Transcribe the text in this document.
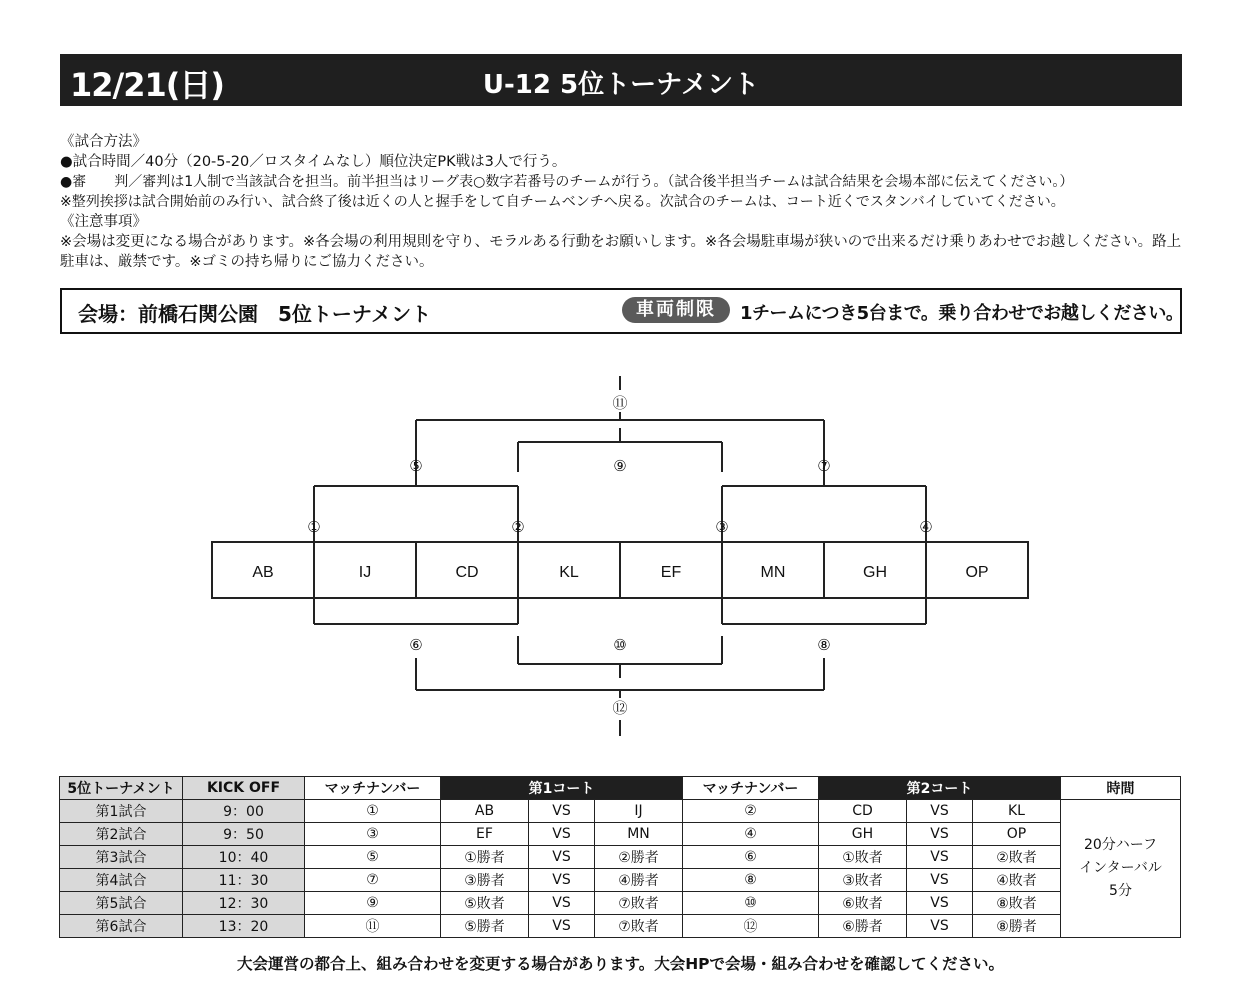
12/21(日)	U-12 5位トーナメント
《試合方法》
●試合時間／40分（20-5-20／ロスタイムなし）順位決定PK戦は3人で行う。
●審　　判／審判は1人制で当該試合を担当。前半担当はリーグ表○数字若番号のチームが行う。（試合後半担当チームは試合結果を会場本部に伝えてください。）
※整列挨拶は試合開始前のみ行い、試合終了後は近くの人と握手をして自チームベンチへ戻る。次試合のチームは、コート近くでスタンバイしていてください。
《注意事項》
※会場は変更になる場合があります。※各会場の利用規則を守り、モラルある行動をお願いします。※各会場駐車場が狭いので出来るだけ乗りあわせでお越しください。路上駐車は、厳禁です。※ゴミの持ち帰りにご協力ください。
会場：前橋石関公園　5位トーナメント	車両制限	1チームにつき5台まで。乗り合わせでお越しください。
AB	IJ	CD	KL	EF	MN	GH	OP
①	②	③	④
⑤	⑨	⑦
⑪
⑥	⑩	⑧
⑫
5位トーナメント	KICK OFF	マッチナンバー	第1コート			マッチナンバー	第2コート			時間
第1試合	9：00	①	AB	VS	IJ	②	CD	VS	KL	20分ハーフ
インターバル
5分

第2試合	9：50	③	EF	VS	MN	④	GH	VS	OP	
第3試合	10：40	⑤	①勝者	VS	②勝者	⑥	①敗者	VS	②敗者	
第4試合	11：30	⑦	③勝者	VS	④勝者	⑧	③敗者	VS	④敗者	
第5試合	12：30	⑨	⑤敗者	VS	⑦敗者	⑩	⑥敗者	VS	⑧敗者	
第6試合	13：20	⑪	⑤勝者	VS	⑦敗者	⑫	⑥勝者	VS	⑧勝者	
大会運営の都合上、組み合わせを変更する場合があります。大会HPで会場・組み合わせを確認してください。
